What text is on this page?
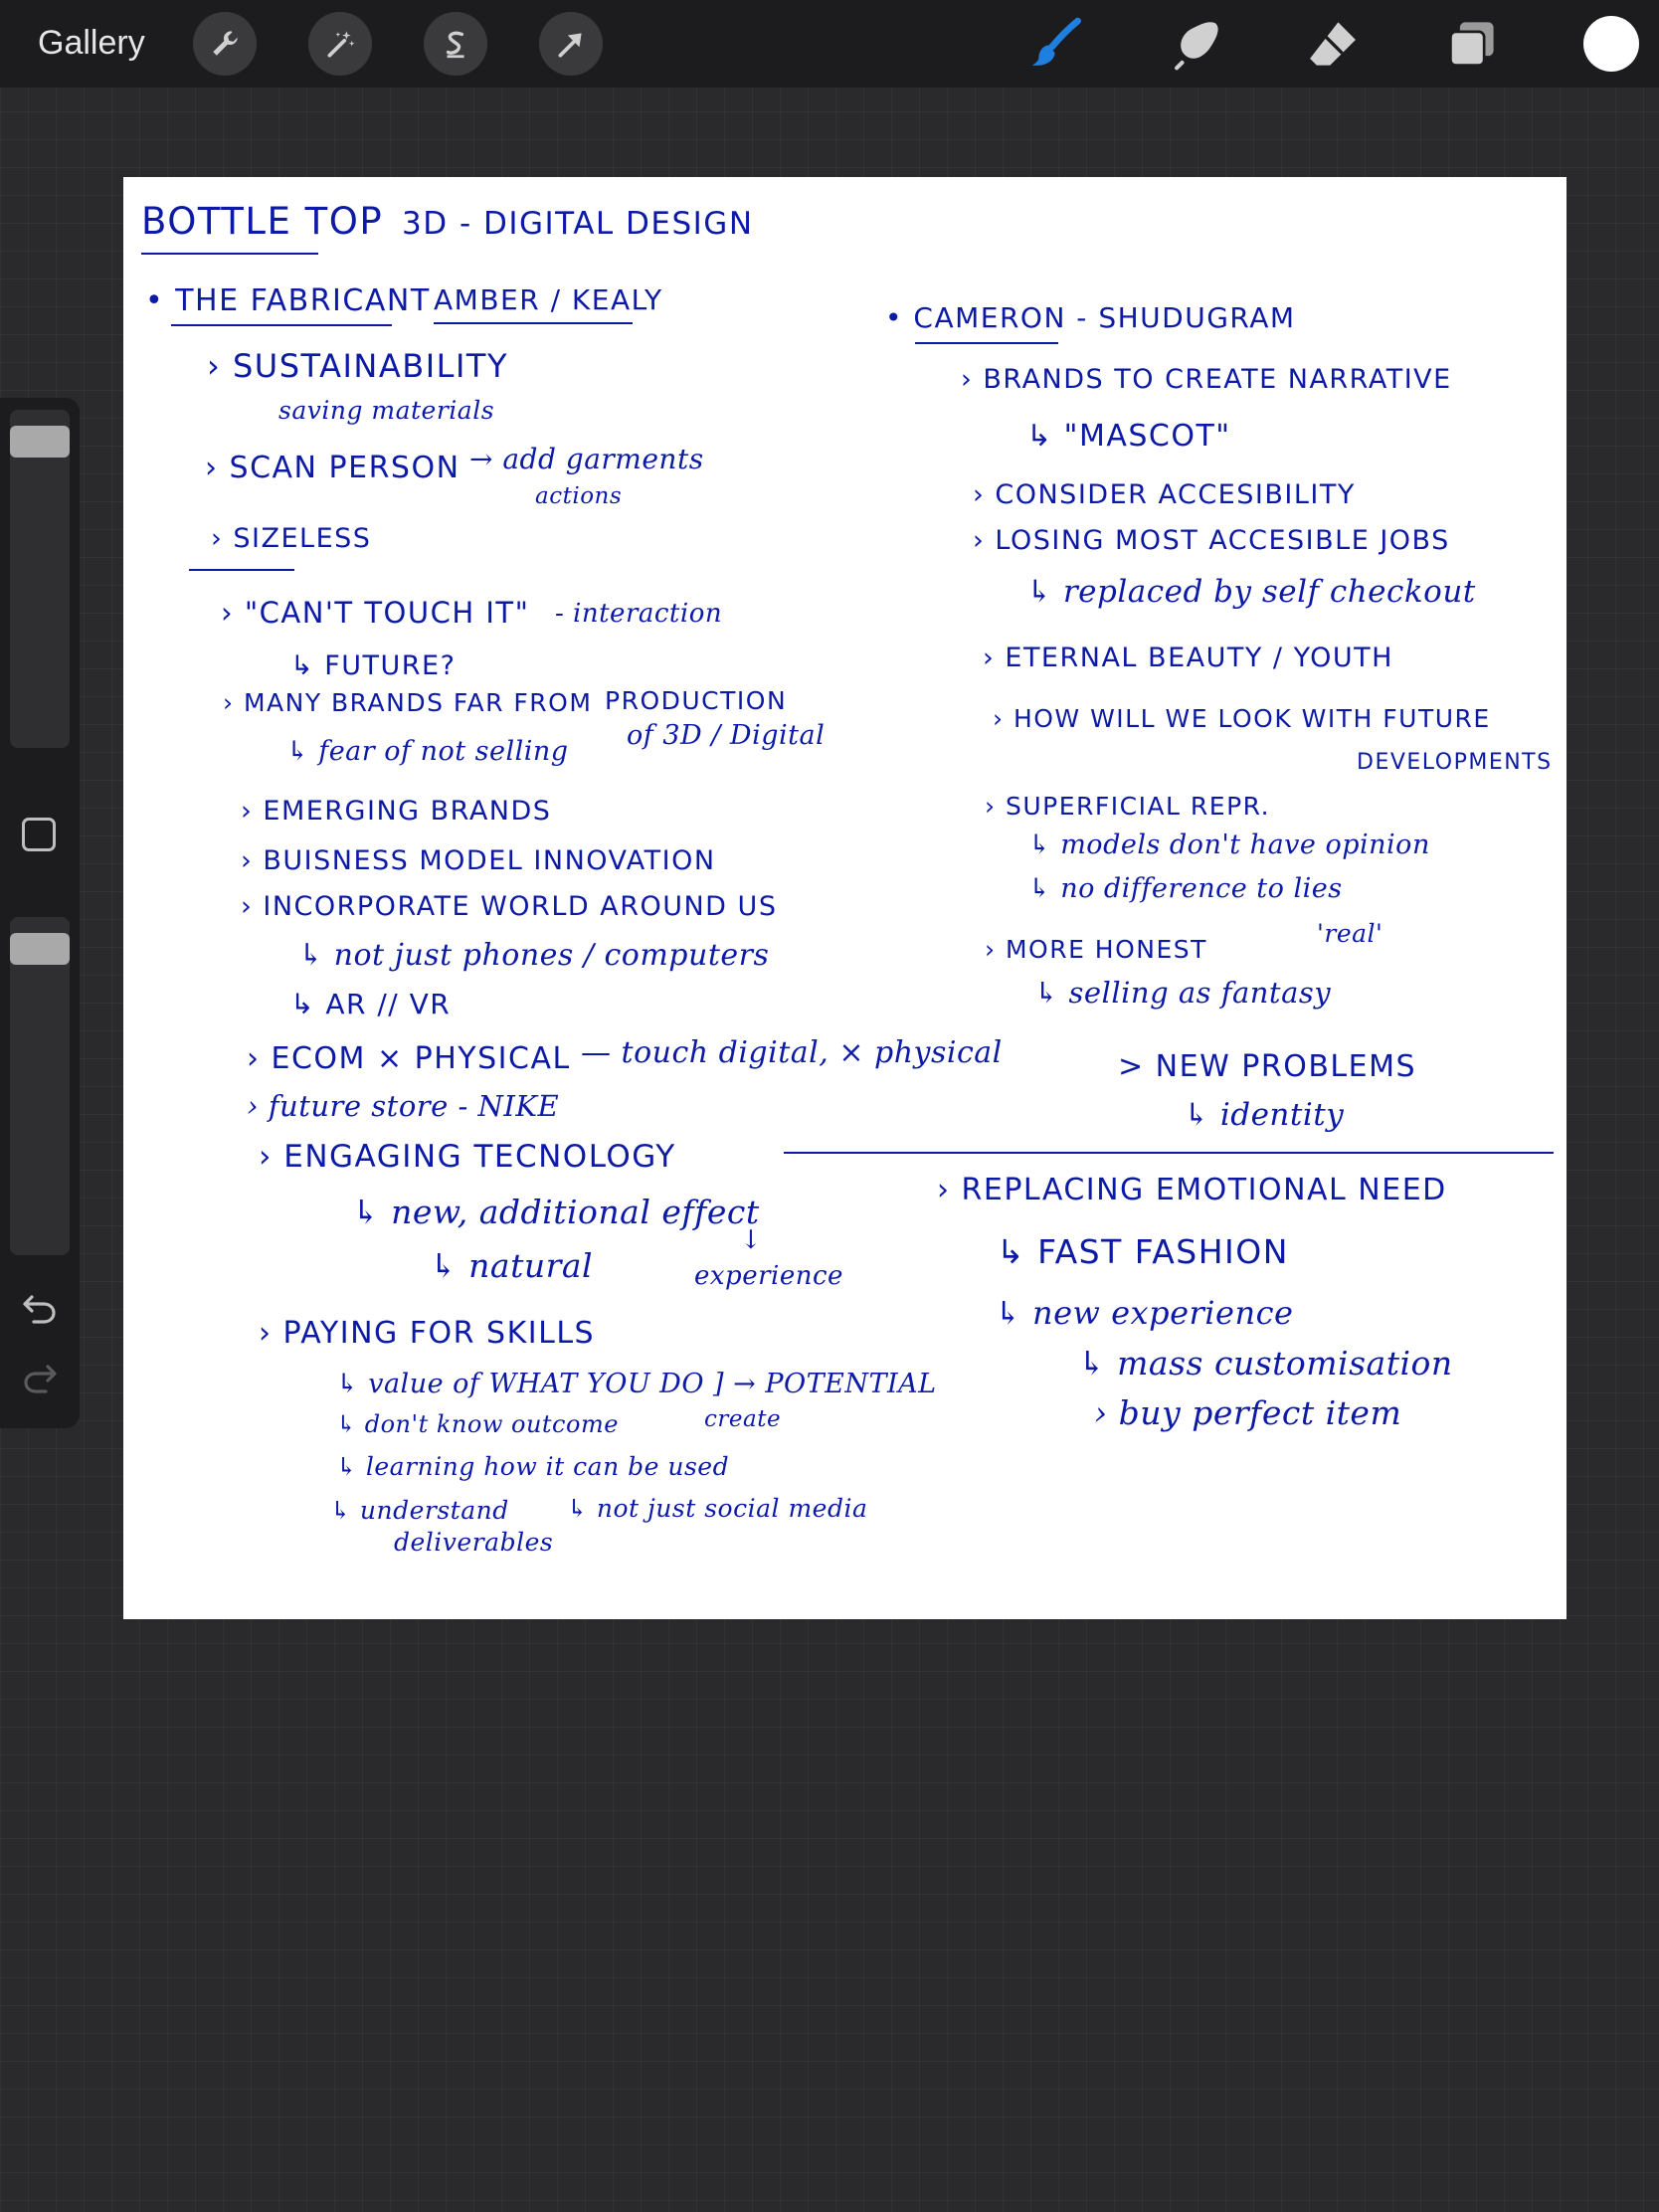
Gallery
BOTTLE TOP 3D - DIGITAL DESIGN
• THE FABRICANT AMBER / KEALY
› SUSTAINABILITY
saving materials
› SCAN PERSON → add garments
actions
› SIZELESS
› "CAN'T TOUCH IT" - interaction
↳ FUTURE?
› MANY BRANDS FAR FROM PRODUCTION
↳ fear of not selling
of 3D / Digital
› EMERGING BRANDS
› BUISNESS MODEL INNOVATION
› INCORPORATE WORLD AROUND US
↳ not just phones / computers
↳ AR // VR
› ECOM × PHYSICAL — touch digital, × physical
› future store - NIKE
› ENGAGING TECNOLOGY
↳ new, additional effect
↓
↳ natural	experience
› PAYING FOR SKILLS
↳ value of WHAT YOU DO ] → POTENTIAL
↳ don't know outcome	create
↳ learning how it can be used
↳ understand ↳ not just social media
deliverables
• CAMERON - SHUDUGRAM
› BRANDS TO CREATE NARRATIVE
↳ "MASCOT"
› CONSIDER ACCESIBILITY
› LOSING MOST ACCESIBLE JOBS
↳ replaced by self checkout
› ETERNAL BEAUTY / YOUTH
› HOW WILL WE LOOK WITH FUTURE
DEVELOPMENTS
› SUPERFICIAL REPR.
↳ models don't have opinion
↳ no difference to lies
'real'
› MORE HONEST
↳ selling as fantasy
> NEW PROBLEMS
↳ identity
› REPLACING EMOTIONAL NEED
↳ FAST FASHION
↳ new experience
↳ mass customisation
› buy perfect item
